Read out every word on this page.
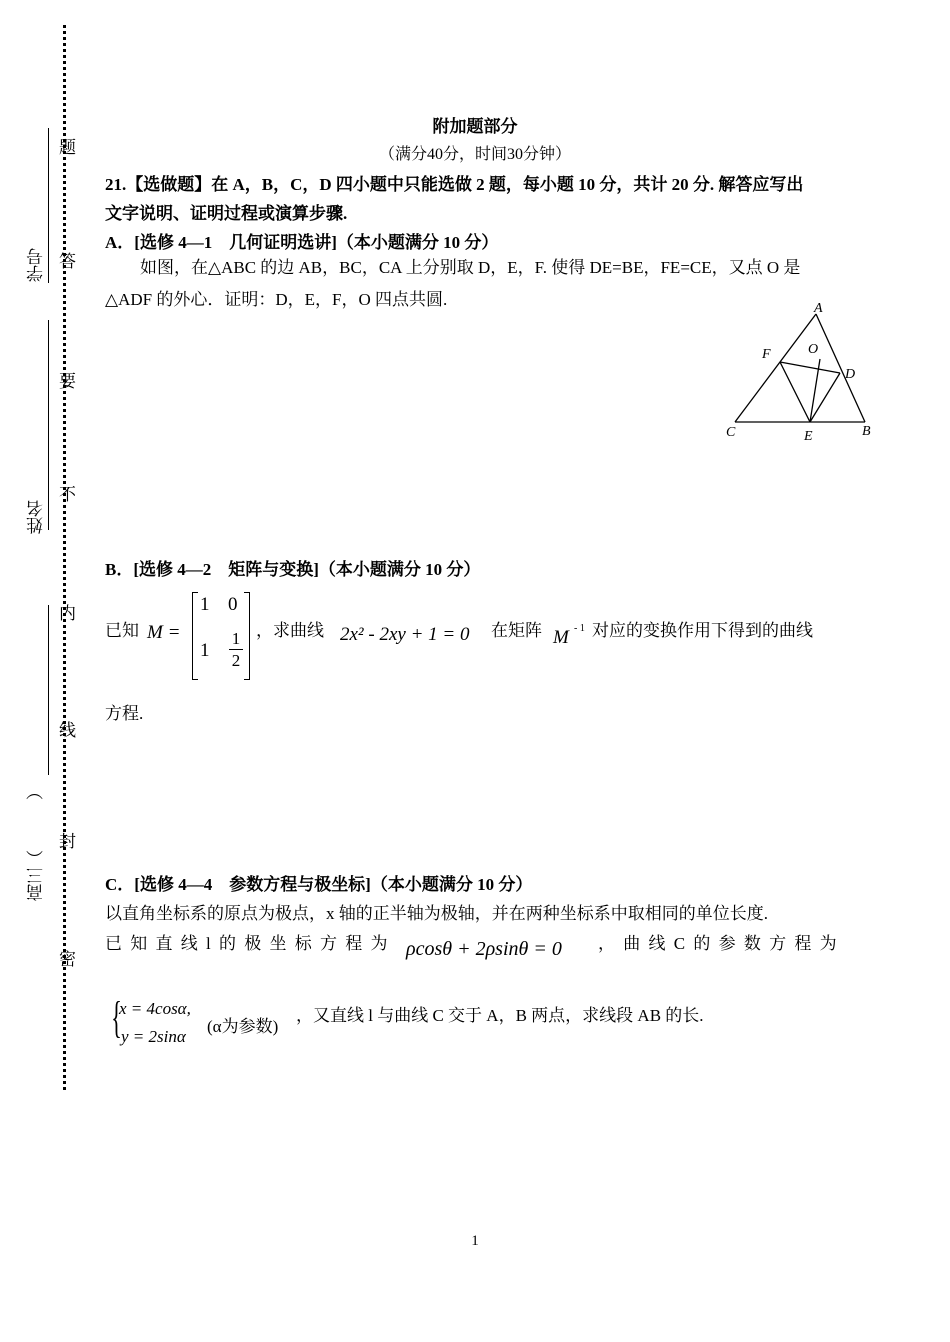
题
答
要
不
内
线
封
密
学号
姓名
高三（
）
附加题部分
（满分40分，时间30分钟）
21.【选做题】在 A，B，C，D 四小题中只能选做 2 题，每小题 10 分，共计 20 分. 解答应写出
文字说明、证明过程或演算步骤.
A．[选修 4—1　几何证明选讲]（本小题满分 10 分）
如图，在△ABC 的边 AB，BC，CA 上分别取 D，E，F. 使得 DE=BE，FE=CE，又点 O 是
△ADF 的外心．证明：D，E，F，O 四点共圆.	A
B
C
D
E
F	O
B．[选修 4—2　矩阵与变换]（本小题满分 10 分）
已知 M =
1 0
$1 \frac{1}{2}$ ，求曲线 2x² - 2xy + 1 = 0 在矩阵 M - 1 对应的变换作用下得到的曲线
方程.
C．[选修 4—4　参数方程与极坐标]（本小题满分 10 分）
以直角坐标系的原点为极点，x 轴的正半轴为极轴，并在两种坐标系中取相同的单位长度.
已 知 直 线 l 的 极 坐 标 方 程 为 ρcosθ + 2ρsinθ = 0 ， 曲 线 C 的 参 数 方 程 为
{
x = 4cosα,
y = 2sinα
(α为参数)
，又直线 l 与曲线 C 交于 A，B 两点，求线段 AB 的长.
1
